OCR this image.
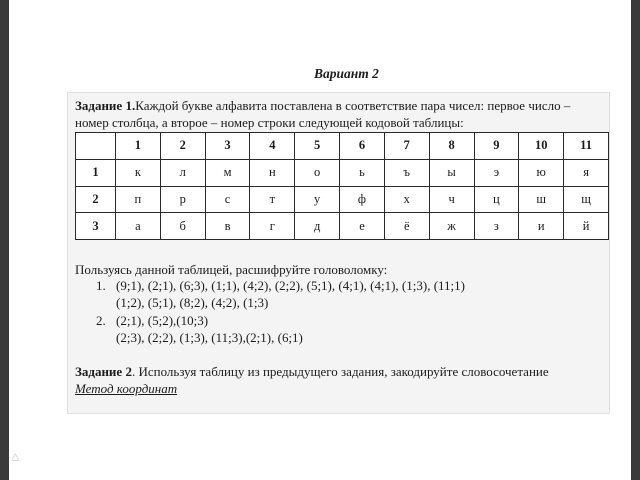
⩟
Вариант 2
Задание 1.Каждой букве алфавита поставлена в соответствие пара чисел: первое число –
номер столбца, а второе – номер строки следующей кодовой таблицы:
	1	2	3	4	5	6	7	8	9	10	11
1	к	л	м	н	о	ь	ъ	ы	э	ю	я
2	п	р	с	т	у	ф	х	ч	ц	ш	щ
3	а	б	в	г	д	е	ё	ж	з	и	й
Пользуясь данной таблицей, расшифруйте головоломку:
1. (9;1), (2;1), (6;3), (1;1), (4;2), (2;2), (5;1), (4;1), (4;1), (1;3), (11;1)
(1;2), (5;1), (8;2), (4;2), (1;3)
2. (2;1), (5;2),(10;3)
(2;3), (2;2), (1;3), (11;3),(2;1), (6;1)
Задание 2. Используя таблицу из предыдущего задания, закодируйте словосочетание
Метод координат
